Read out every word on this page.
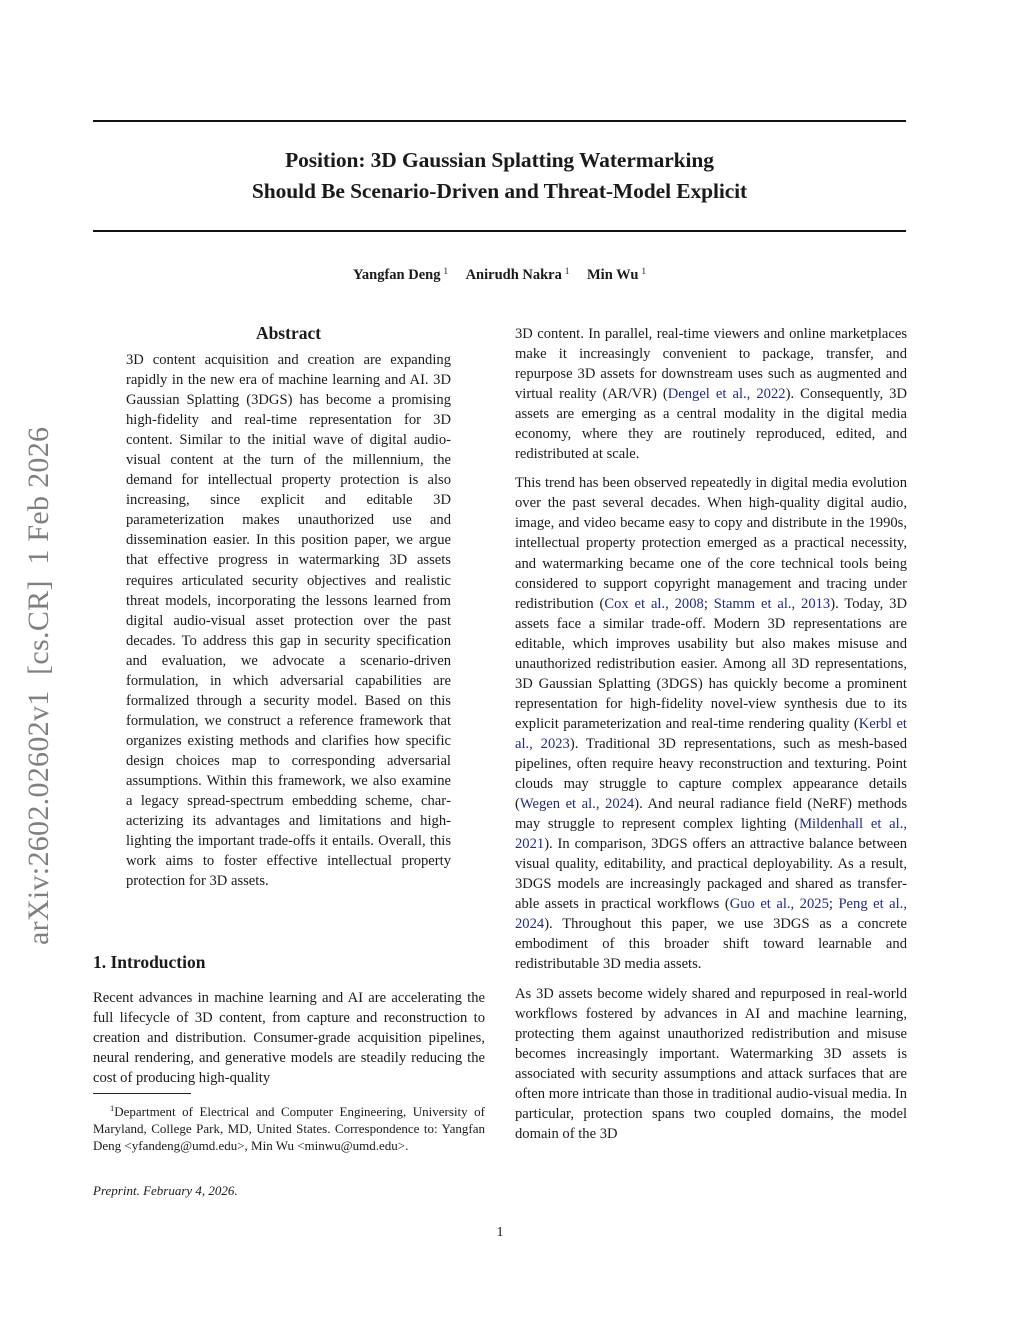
arXiv:2602.02602v1  [cs.CR]  1 Feb 2026
Position: 3D Gaussian Splatting Watermarking
Should Be Scenario-Driven and Threat-Model Explicit
Yangfan Deng $^1$ Anirudh Nakra $^1$ Min Wu $^1$
Abstract

3D content acquisition and creation are expanding rapidly in the new era of machine learning and AI. 3D Gaussian Splatting (3DGS) has become a promising high-fidelity and real-time representation for 3D content. Similar to the initial wave of digital audio-visual content at the turn of the millennium, the demand for intellectual property protection is also increasing, since explicit and editable 3D parameterization makes unauthorized use and dissemination easier. In this position paper, we argue that effective progress in watermarking 3D assets requires articulated security objectives and realistic threat models, incorporating the lessons learned from digital audio-visual asset protection over the past decades. To address this gap in security specification and evaluation, we advocate a scenario-driven formulation, in which adversarial capabilities are formalized through a security model. Based on this formulation, we construct a reference framework that organizes existing methods and clarifies how specific design choices map to corresponding adversarial assumptions. Within this framework, we also examine a legacy spread-spectrum embedding scheme, characterizing its advantages and limitations and highlighting the important trade-offs it entails. Overall, this work aims to foster effective intellectual property protection for 3D assets.

1. Introduction

Recent advances in machine learning and AI are accelerating the full lifecycle of 3D content, from capture and reconstruction to creation and distribution. Consumer-grade acquisition pipelines, neural rendering, and generative models are steadily reducing the cost of producing high-quality

$^1$Department of Electrical and Computer Engineering, University of Maryland, College Park, MD, United States. Correspondence to: Yangfan Deng <yfandeng@umd.edu>, Min Wu <minwu@umd.edu>.
Preprint. February 4, 2026.

3D content. In parallel, real-time viewers and online marketplaces make it increasingly convenient to package, transfer, and repurpose 3D assets for downstream uses such as augmented and virtual reality (AR/VR) (Dengel et al., 2022). Consequently, 3D assets are emerging as a central modality in the digital media economy, where they are routinely reproduced, edited, and redistributed at scale.

This trend has been observed repeatedly in digital media evolution over the past several decades. When high-quality digital audio, image, and video became easy to copy and distribute in the 1990s, intellectual property protection emerged as a practical necessity, and watermarking became one of the core technical tools being considered to support copyright management and tracing under redistribution (Cox et al., 2008; Stamm et al., 2013). Today, 3D assets face a similar trade-off. Modern 3D representations are editable, which improves usability but also makes misuse and unauthorized redistribution easier. Among all 3D representations, 3D Gaussian Splatting (3DGS) has quickly become a prominent representation for high-fidelity novel-view synthesis due to its explicit parameterization and real-time rendering quality (Kerbl et al., 2023). Traditional 3D representations, such as mesh-based pipelines, often require heavy reconstruction and texturing. Point clouds may struggle to capture complex appearance details (Wegen et al., 2024). And neural radiance field (NeRF) methods may struggle to represent complex lighting (Mildenhall et al., 2021). In comparison, 3DGS offers an attractive balance between visual quality, editability, and practical deployability. As a result, 3DGS models are increasingly packaged and shared as transferable assets in practical workflows (Guo et al., 2025; Peng et al., 2024). Throughout this paper, we use 3DGS as a concrete embodiment of this broader shift toward learnable and redistributable 3D media assets.

As 3D assets become widely shared and repurposed in real-world workflows fostered by advances in AI and machine learning, protecting them against unauthorized redistribution and misuse becomes increasingly important. Watermarking 3D assets is associated with security assumptions and attack surfaces that are often more intricate than those in traditional audio-visual media. In particular, protection spans two coupled domains, the model domain of the 3D

1
